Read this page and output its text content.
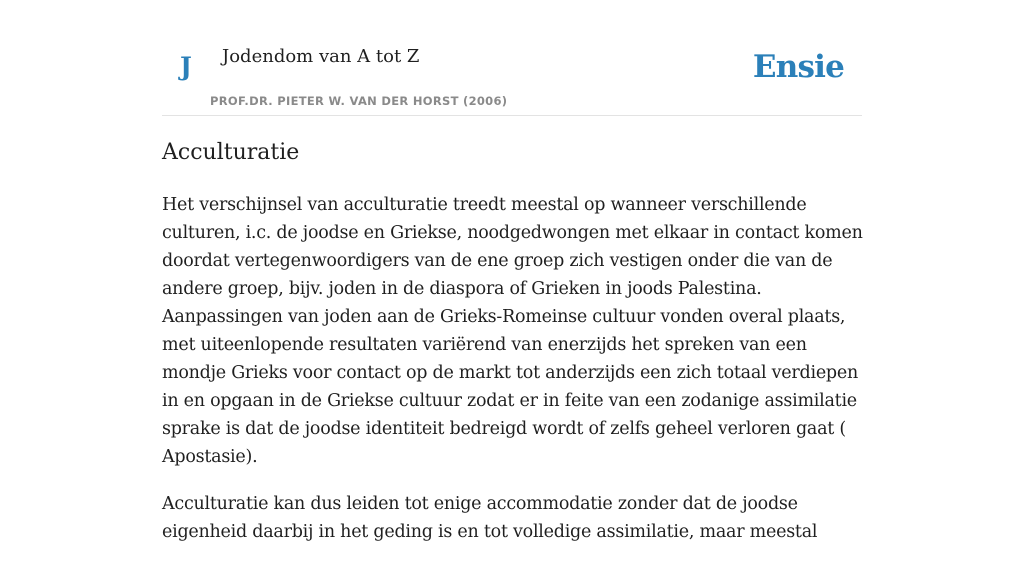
J Jodendom van A tot Z
PROF.DR. PIETER W. VAN DER HORST (2006)
Ensie
Acculturatie

Het verschijnsel van acculturatie treedt meestal op wanneer verschillende culturen, i.c. de joodse en Griekse, noodgedwongen met elkaar in contact komen doordat vertegenwoordigers van de ene groep zich vestigen onder die van de andere groep, bijv. joden in de diaspora of Grieken in joods Palestina. Aanpassingen van joden aan de Grieks-Romeinse cultuur vonden overal plaats, met uiteenlopende resultaten variërend van enerzijds het spreken van een mondje Grieks voor contact op de markt tot anderzijds een zich totaal verdiepen in en opgaan in de Griekse cultuur zodat er in feite van een zodanige assimilatie sprake is dat de joodse identiteit bedreigd wordt of zelfs geheel verloren gaat ( Apostasie).

Acculturatie kan dus leiden tot enige accommodatie zonder dat de joodse eigenheid daarbij in het geding is en tot volledige assimilatie, maar meestal
